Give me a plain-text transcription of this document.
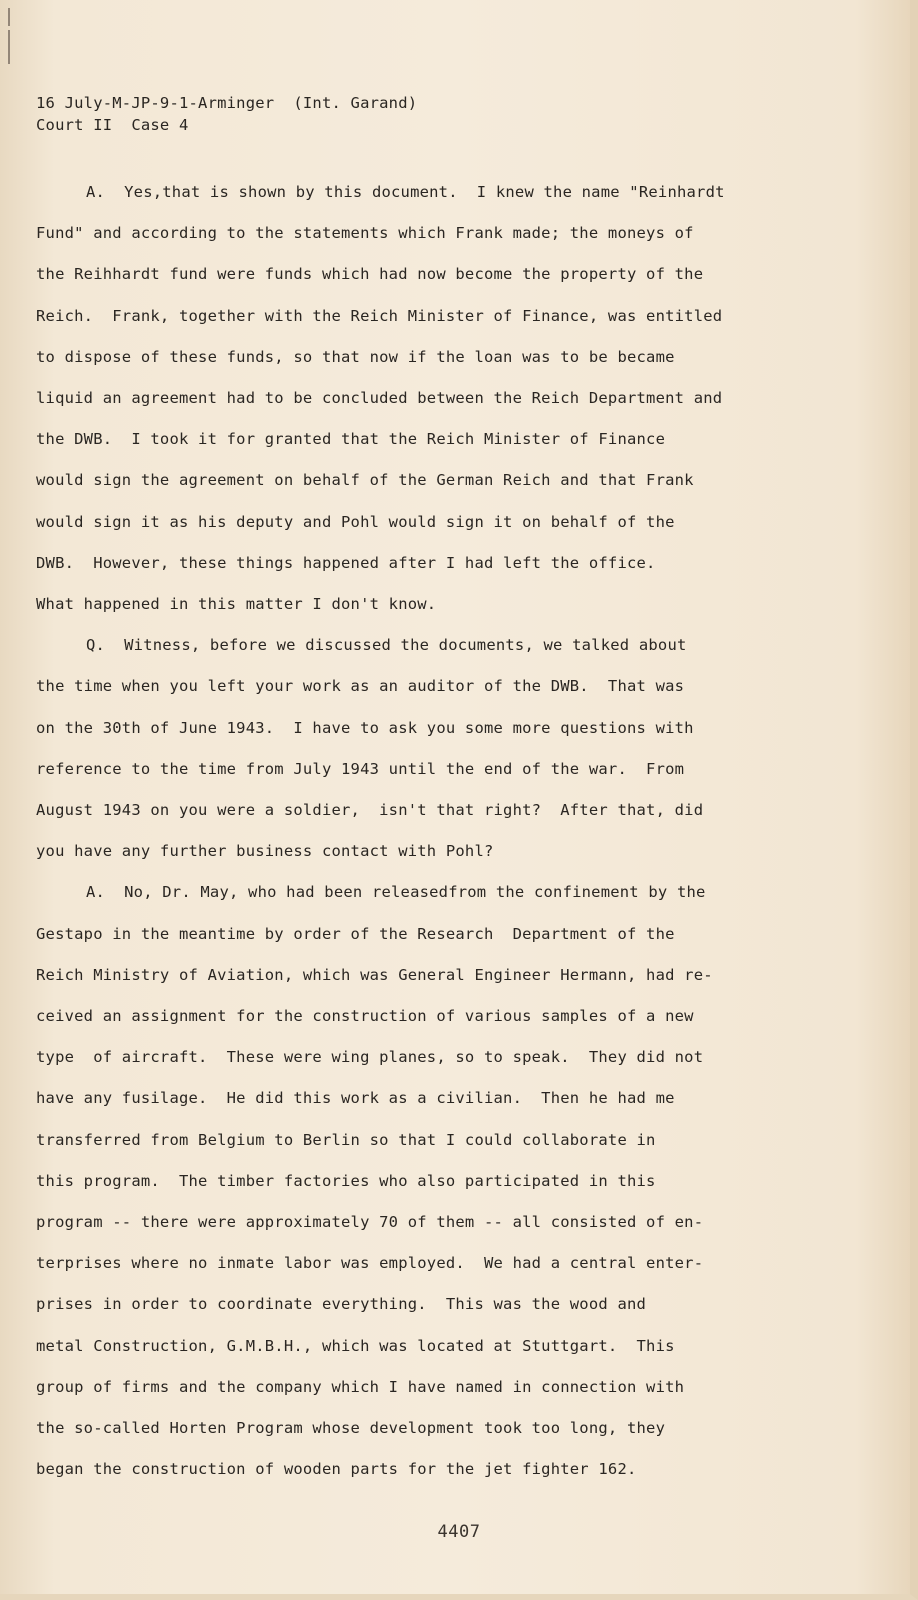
16 July-M-JP-9-1-Arminger  (Int. Garand)

Court II  Case 4

A.  Yes,that is shown by this document.  I knew the name "Reinhardt
Fund" and according to the statements which Frank made; the moneys of
the Reihhardt fund were funds which had now become the property of the
Reich.  Frank, together with the Reich Minister of Finance, was entitled
to dispose of these funds, so that now if the loan was to be became
liquid an agreement had to be concluded between the Reich Department and
the DWB.  I took it for granted that the Reich Minister of Finance
would sign the agreement on behalf of the German Reich and that Frank
would sign it as his deputy and Pohl would sign it on behalf of the
DWB.  However, these things happened after I had left the office.
What happened in this matter I don't know.
Q.  Witness, before we discussed the documents, we talked about
the time when you left your work as an auditor of the DWB.  That was
on the 30th of June 1943.  I have to ask you some more questions with
reference to the time from July 1943 until the end of the war.  From
August 1943 on you were a soldier,  isn't that right?  After that, did
you have any further business contact with Pohl?
A.  No, Dr. May, who had been releasedfrom the confinement by the
Gestapo in the meantime by order of the Research  Department of the
Reich Ministry of Aviation, which was General Engineer Hermann, had re-
ceived an assignment for the construction of various samples of a new
type  of aircraft.  These were wing planes, so to speak.  They did not
have any fusilage.  He did this work as a civilian.  Then he had me
transferred from Belgium to Berlin so that I could collaborate in
this program.  The timber factories who also participated in this
program -- there were approximately 70 of them -- all consisted of en-
terprises where no inmate labor was employed.  We had a central enter-
prises in order to coordinate everything.  This was the wood and
metal Construction, G.M.B.H., which was located at Stuttgart.  This
group of firms and the company which I have named in connection with
the so-called Horten Program whose development took too long, they
began the construction of wooden parts for the jet fighter 162.
4407
